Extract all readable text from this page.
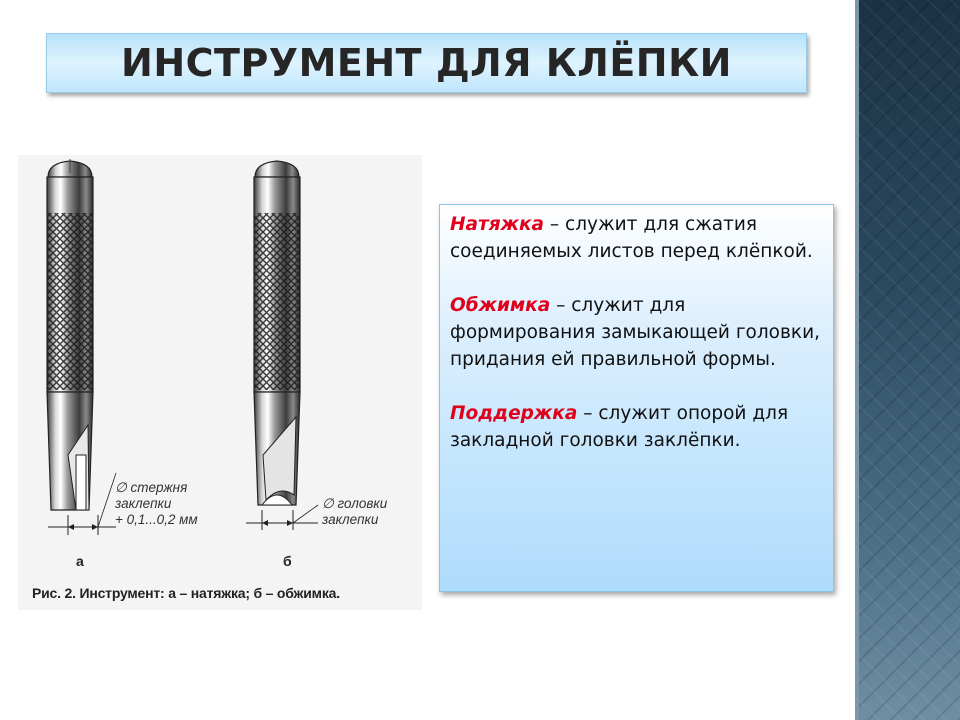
ИНСТРУМЕНТ ДЛЯ КЛЁПКИ
∅ стержня
заклепки
+ 0,1...0,2 мм
∅ головки
заклепки
а	б
Рис. 2. Инструмент: а – натяжка; б – обжимка.

Натяжка – служит для сжатия соединяемых листов перед клёпкой.

Обжимка – служит для формирования замыкающей головки, придания ей правильной формы.

Поддержка – служит опорой для закладной головки заклёпки.
